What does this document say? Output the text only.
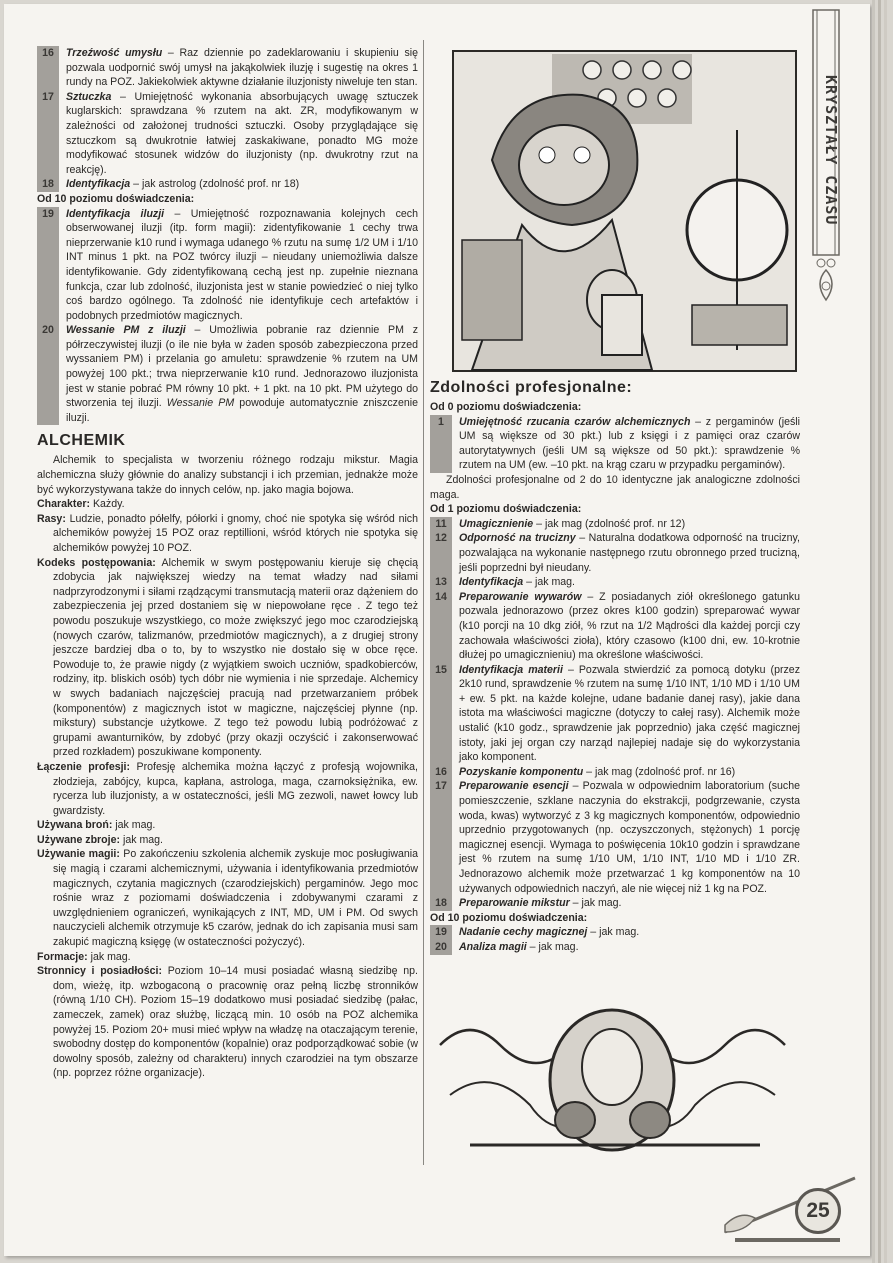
KRYSZTAŁY CZASU
16	Trzeźwość umysłu – Raz dziennie po zadeklarowaniu i skupieniu się pozwala uodpornić swój umysł na jakąkolwiek iluzję i sugestię na okres 1 rundy na POZ. Jakiekolwiek aktywne działanie iluzjonisty niweluje ten stan.
17	Sztuczka – Umiejętność wykonania absorbujących uwagę sztuczek kuglarskich: sprawdzana % rzutem na akt. ZR, modyfikowanym w zależności od założonej trudności sztuczki. Osoby przyglądające się sztuczkom są dwukrotnie łatwiej zaskakiwane, ponadto MG może modyfikować stosunek widzów do iluzjonisty (np. dwukrotny rzut na reakcję).
18	Identyfikacja – jak astrolog (zdolność prof. nr 18)
Od 10 poziomu doświadczenia:
19	Identyfikacja iluzji – Umiejętność rozpoznawania kolejnych cech obserwowanej iluzji (itp. form magii): zidentyfikowanie 1 cechy trwa nieprzerwanie k10 rund i wymaga udanego % rzutu na sumę 1/2 UM i 1/10 INT minus 1 pkt. na POZ twórcy iluzji – nieudany uniemożliwia dalsze identyfikowanie. Gdy zidentyfikowaną cechą jest np. zupełnie nieznana funkcja, czar lub zdolność, iluzjonista jest w stanie powiedzieć o niej tylko coś bardzo ogólnego. Ta zdolność nie identyfikuje cech artefaktów i podobnych przedmiotów magicznych.
20	Wessanie PM z iluzji – Umożliwia pobranie raz dziennie PM z półrzeczywistej iluzji (o ile nie była w żaden sposób zabezpieczona przed wyssaniem PM) i przelania go amuletu: sprawdzenie % rzutem na UM powyżej 100 pkt.; trwa nieprzerwanie k10 rund. Jednorazowo iluzjonista jest w stanie pobrać PM równy 10 pkt. + 1 pkt. na 10 pkt. PM użytego do stworzenia tej iluzji. Wessanie PM powoduje automatycznie zniszczenie iluzji.
ALCHEMIK
Alchemik to specjalista w tworzeniu różnego rodzaju mikstur. Magia alchemiczna służy głównie do analizy substancji i ich przemian, jednakże może być wykorzystywana także do innych celów, np. jako magia bojowa.
Charakter: Każdy.
Rasy: Ludzie, ponadto półelfy, półorki i gnomy, choć nie spotyka się wśród nich alchemików powyżej 15 POZ oraz reptillioni, wśród których nie spotyka się alchemików powyżej 10 POZ.
Kodeks postępowania: Alchemik w swym postępowaniu kieruje się chęcią zdobycia jak największej wiedzy na temat władzy nad siłami nadprzyrodzonymi i siłami rządzącymi transmutacją materii oraz dążeniem do zabezpieczenia jej przed dostaniem się w niepowołane ręce . Z tego też powodu poszukuje wszystkiego, co może zwiększyć jego moc czarodziejską (nowych czarów, talizmanów, przedmiotów magicznych), a z drugiej strony jeszcze bardziej dba o to, by to wszystko nie dostało się w obce ręce. Powoduje to, że prawie nigdy (z wyjątkiem swoich uczniów, spadkobierców, rodziny, itp. bliskich osób) tych dóbr nie wymienia i nie sprzedaje. Alchemicy w swych badaniach najczęściej pracują nad przetwarzaniem próbek (komponentów) z magicznych istot w magiczne, najczęściej płynne (np. mikstury) substancje użytkowe. Z tego też powodu lubią podróżować z grupami awanturników, by zdobyć (przy okazji oczyścić i zakonserwować przed rozkładem) poszukiwane komponenty.
Łączenie profesji: Profesję alchemika można łączyć z profesją wojownika, złodzieja, zabójcy, kupca, kapłana, astrologa, maga, czarnoksiężnika, ew. rycerza lub iluzjonisty, a w ostateczności, jeśli MG zezwoli, nawet łowcy lub gwardzisty.
Używana broń: jak mag.
Używane zbroje: jak mag.
Używanie magii: Po zakończeniu szkolenia alchemik zyskuje moc posługiwania się magią i czarami alchemicznymi, używania i identyfikowania przedmiotów magicznych, czytania magicznych (czarodziejskich) pergaminów. Jego moc rośnie wraz z poziomami doświadczenia i zdobywanymi czarami z uwzględnieniem ograniczeń, wynikających z INT, MD, UM i PM. Od swych nauczycieli alchemik otrzymuje k5 czarów, jednak do ich zapisania musi sam zakupić magiczną księgę (w ostateczności pożyczyć).
Formacje: jak mag.
Stronnicy i posiadłości: Poziom 10–14 musi posiadać własną siedzibę np. dom, wieżę, itp. wzbogaconą o pracownię oraz pełną liczbę stronników (równą 1/10 CH). Poziom 15–19 dodatkowo musi posiadać siedzibę (pałac, zameczek, zamek) oraz służbę, liczącą min. 10 osób na POZ alchemika powyżej 15. Poziom 20+ musi mieć wpływ na władzę na otaczającym terenie, swobodny dostęp do komponentów (kopalnie) oraz podporządkować sobie (w dowolny sposób, zależny od charakteru) innych czarodziei na tym obszarze (np. poprzez różne organizacje).
Zdolności profesjonalne:
Od 0 poziomu doświadczenia:
1	Umiejętność rzucania czarów alchemicznych – z pergaminów (jeśli UM są większe od 30 pkt.) lub z księgi i z pamięci oraz czarów autorytatywnych (jeśli UM są większe od 50 pkt.): sprawdzenie % rzutem na UM (ew. –10 pkt. na krąg czaru w przypadku pergaminów).
Zdolności profesjonalne od 2 do 10 identyczne jak analogiczne zdolności maga.
Od 1 poziomu doświadczenia:
11	Umagicznienie – jak mag (zdolność prof. nr 12)
12	Odporność na trucizny – Naturalna dodatkowa odporność na trucizny, pozwalająca na wykonanie następnego rzutu obronnego przed trucizną, jeśli poprzedni był nieudany.
13	Identyfikacja – jak mag.
14	Preparowanie wywarów – Z posiadanych ziół określonego gatunku pozwala jednorazowo (przez okres k100 godzin) spreparować wywar (k10 porcji na 10 dkg ziół, % rzut na 1/2 Mądrości dla każdej porcji czy zachowała właściwości zioła), który czasowo (k100 dni, ew. 10-krotnie dłużej po umagicznieniu) ma określone właściwości.
15	Identyfikacja materii – Pozwala stwierdzić za pomocą dotyku (przez 2k10 rund, sprawdzenie % rzutem na sumę 1/10 INT, 1/10 MD i 1/10 UM + ew. 5 pkt. na każde kolejne, udane badanie danej rasy), jakie dana istota ma właściwości magiczne (dotyczy to całej rasy). Alchemik może ustalić (k10 godz., sprawdzenie jak poprzednio) jaka część magicznej istoty, jaki jej organ czy narząd najlepiej nadaje się do wykorzystania jako komponent.
16	Pozyskanie komponentu – jak mag (zdolność prof. nr 16)
17	Preparowanie esencji – Pozwala w odpowiednim laboratorium (suche pomieszczenie, szklane naczynia do ekstrakcji, podgrzewanie, czysta woda, kwas) wytworzyć z 3 kg magicznych komponentów, odpowiednio uprzednio przygotowanych (np. oczyszczonych, stężonych) 1 porcję magicznej esencji. Wymaga to poświęcenia 10k10 godzin i sprawdzane jest % rzutem na sumę 1/10 UM, 1/10 INT, 1/10 MD i 1/10 ZR. Jednorazowo alchemik może przetwarzać 1 kg komponentów na 10 używanych odpowiednich naczyń, ale nie więcej niż 1 kg na POZ.
18	Preparowanie mikstur – jak mag.
Od 10 poziomu doświadczenia:
19	Nadanie cechy magicznej – jak mag.
20	Analiza magii – jak mag.
25
